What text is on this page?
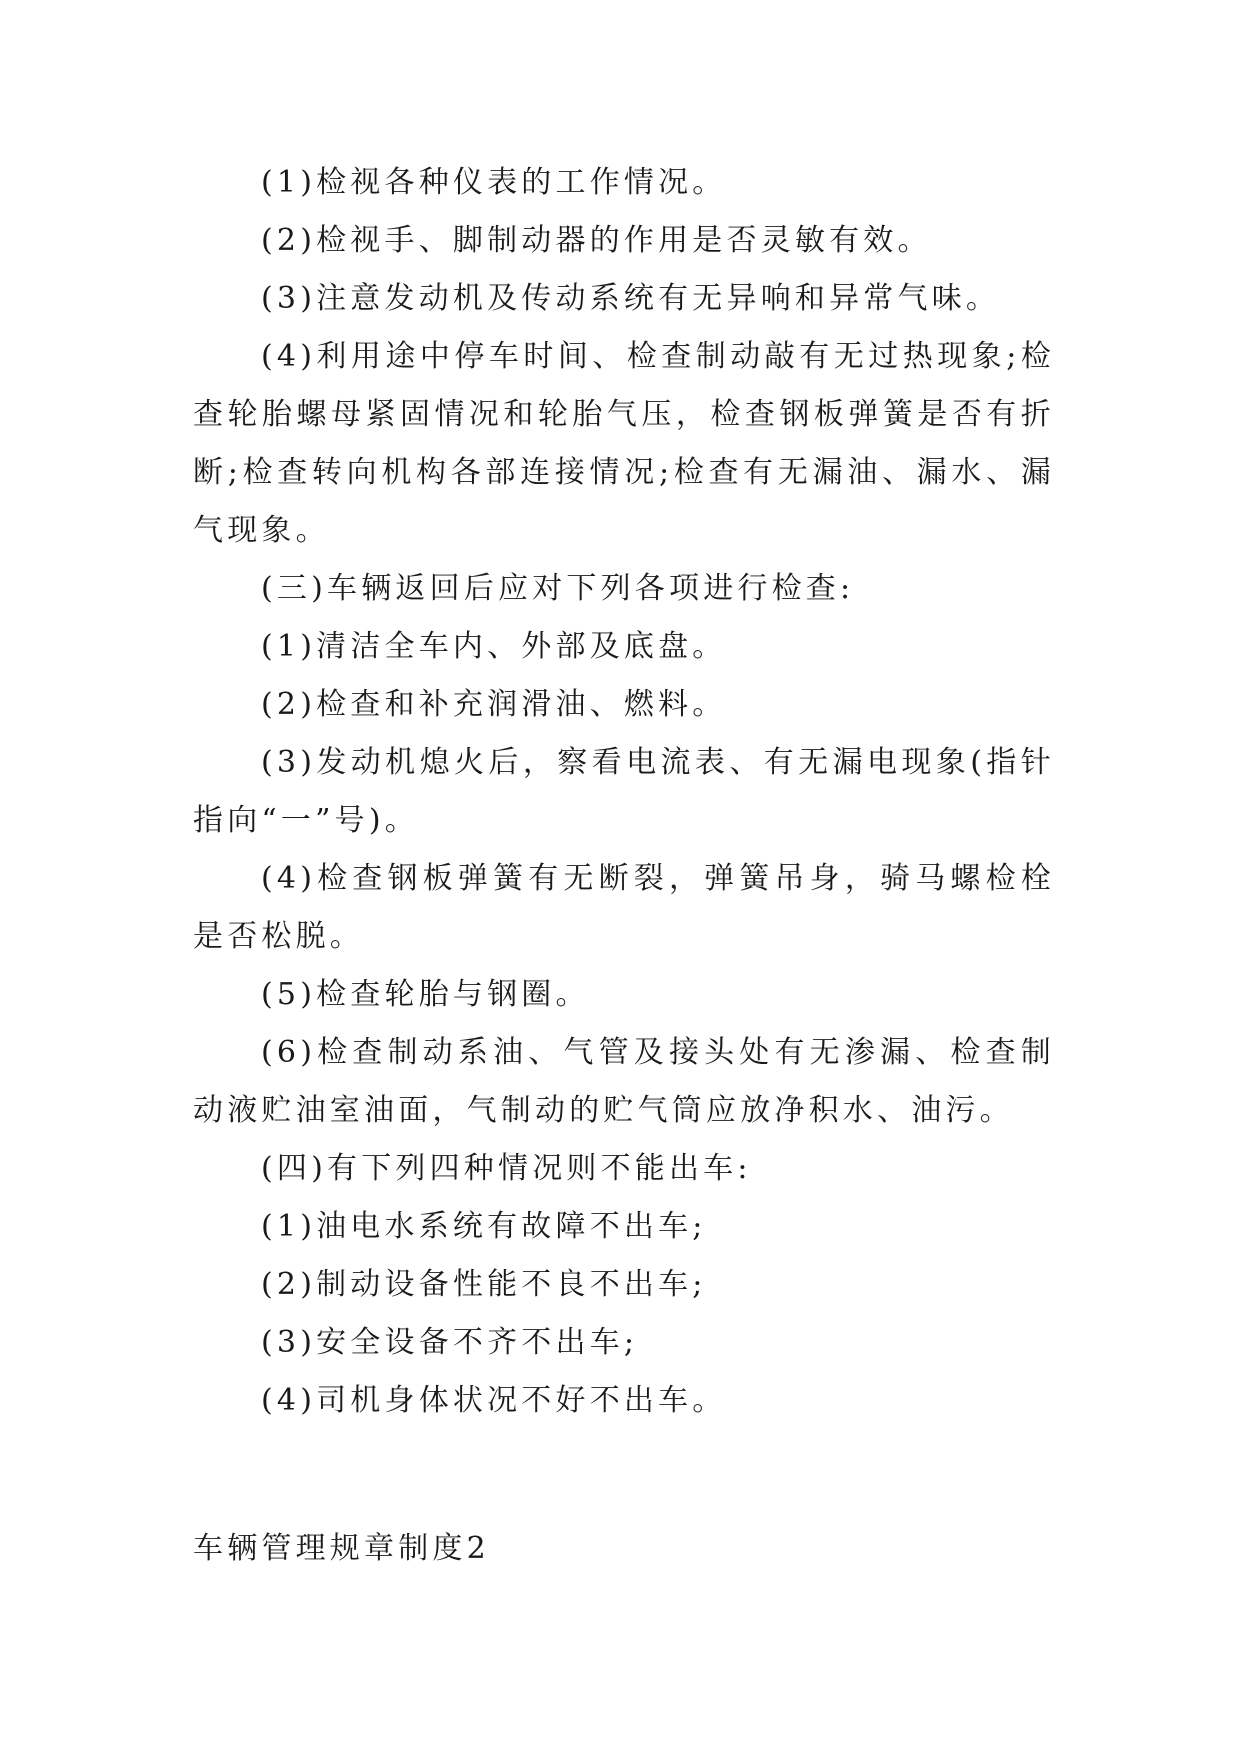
(1)检视各种仪表的工作情况。

(2)检视手、脚制动器的作用是否灵敏有效。

(3)注意发动机及传动系统有无异响和异常气味。

(4)利用途中停车时间、检查制动敲有无过热现象;检查轮胎螺母紧固情况和轮胎气压，检查钢板弹簧是否有折断;检查转向机构各部连接情况;检查有无漏油、漏水、漏气现象。

(三)车辆返回后应对下列各项进行检查:

(1)清洁全车内、外部及底盘。

(2)检查和补充润滑油、燃料。

(3)发动机熄火后，察看电流表、有无漏电现象(指针指向“一”号)。

(4)检查钢板弹簧有无断裂，弹簧吊身，骑马螺检栓是否松脱。

(5)检查轮胎与钢圈。

(6)检查制动系油、气管及接头处有无渗漏、检查制动液贮油室油面，气制动的贮气筒应放净积水、油污。

(四)有下列四种情况则不能出车:

(1)油电水系统有故障不出车;

(2)制动设备性能不良不出车;

(3)安全设备不齐不出车;

(4)司机身体状况不好不出车。

车辆管理规章制度2
